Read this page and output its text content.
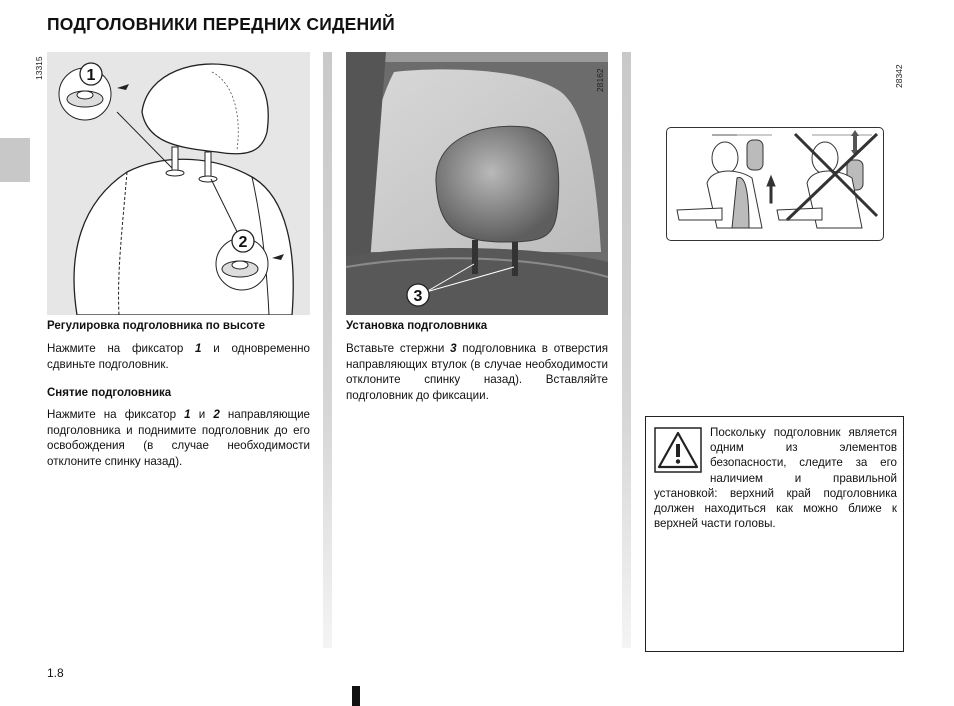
ПОДГОЛОВНИКИ ПЕРЕДНИХ СИДЕНИЙ
1
2
13315
3
28162	28342
Регулировка подголовника по высоте
Нажмите на фиксатор 1 и одновременно сдвиньте подголовник.
Снятие подголовника
Нажмите на фиксатор 1 и 2 направляющие подголовника и поднимите подголовник до его освобождения (в случае необходимости отклоните спинку назад).
Установка подголовника
Вставьте стержни 3 подголовника в отверстия направляющих втулок (в случае необходимости отклоните спинку назад). Вставляйте подголовник до фиксации.
Поскольку подголовник является одним из элементов безопасности, следите за его наличием и правильной установкой: верхний край подголовника должен находиться как можно ближе к верхней части головы.
1.8
